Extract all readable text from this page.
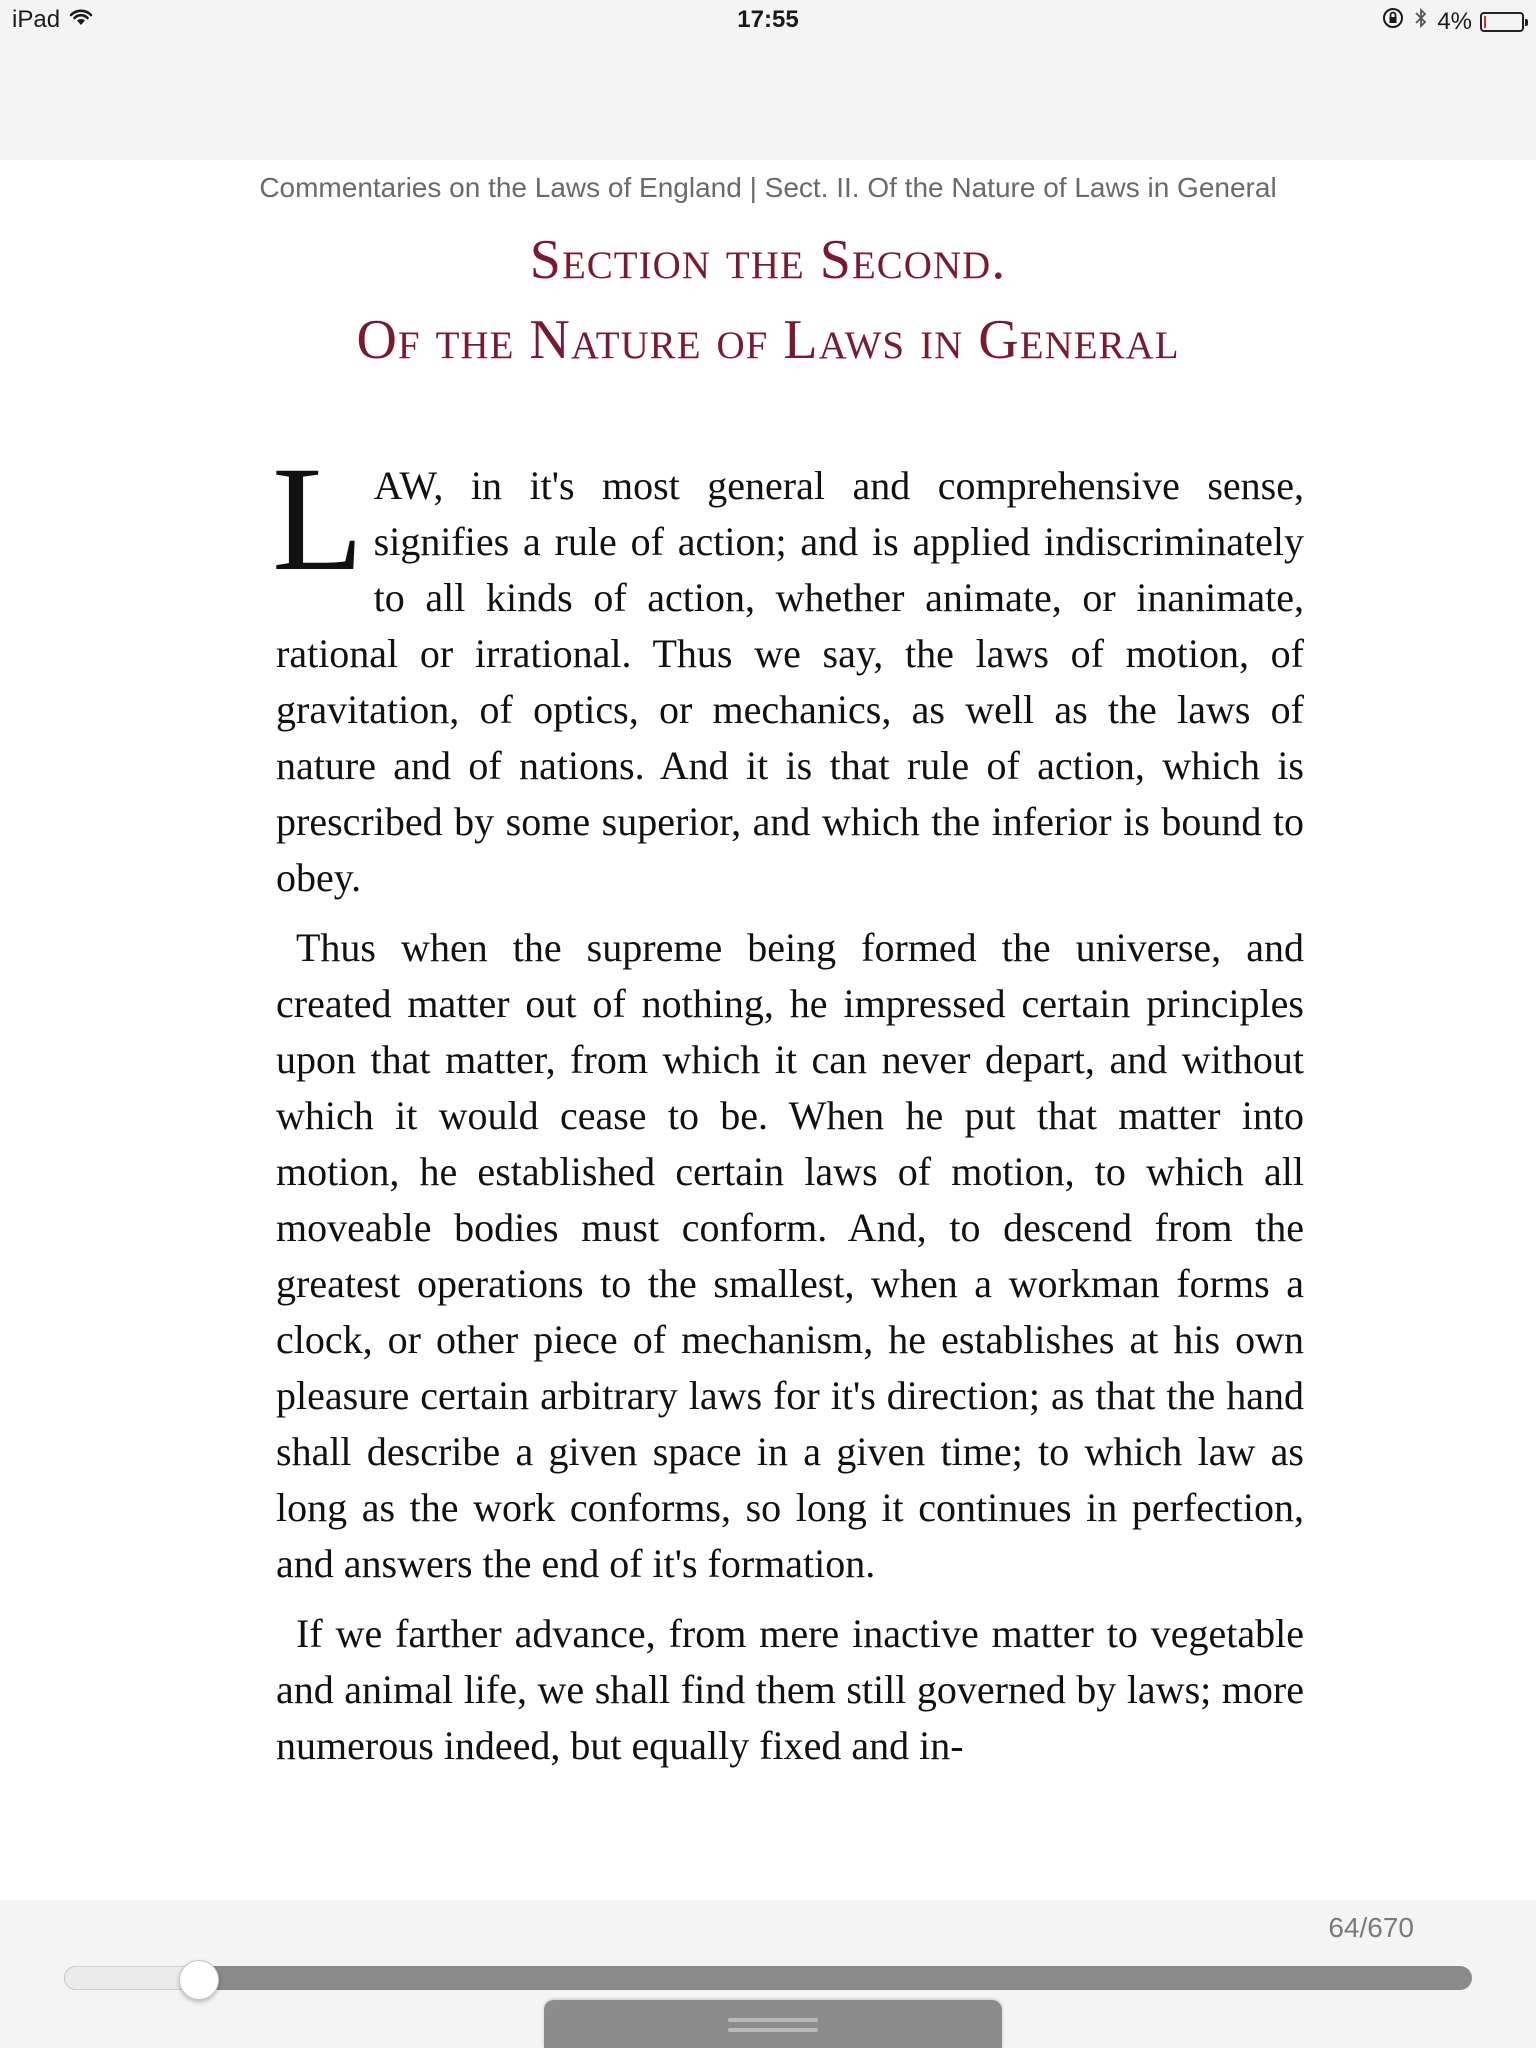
iPad	17:55	4%
Commentaries on the Laws of England | Sect. II. Of the Nature of Laws in General
Section the Second.
Of the Nature of Laws in General

L AW, in it's most general and comprehensive sense, signifies a rule of action; and is applied indiscriminately to all kinds of action, whether animate, or inanimate, rational or irrational. Thus we say, the laws of motion, of gravitation, of optics, or mechanics, as well as the laws of nature and of nations. And it is that rule of action, which is prescribed by some superior, and which the inferior is bound to obey.

Thus when the supreme being formed the universe, and created matter out of nothing, he impressed certain principles upon that matter, from which it can never depart, and without which it would cease to be. When he put that matter into motion, he established certain laws of motion, to which all moveable bodies must conform. And, to descend from the greatest operations to the smallest, when a workman forms a clock, or other piece of mechanism, he establishes at his own pleasure certain arbitrary laws for it's direction; as that the hand shall describe a given space in a given time; to which law as long as the work conforms, so long it continues in perfection, and answers the end of it's formation.

If we farther advance, from mere inactive matter to vegetable and animal life, we shall find them still governed by laws; more numerous indeed, but equally fixed and in-

64/670
